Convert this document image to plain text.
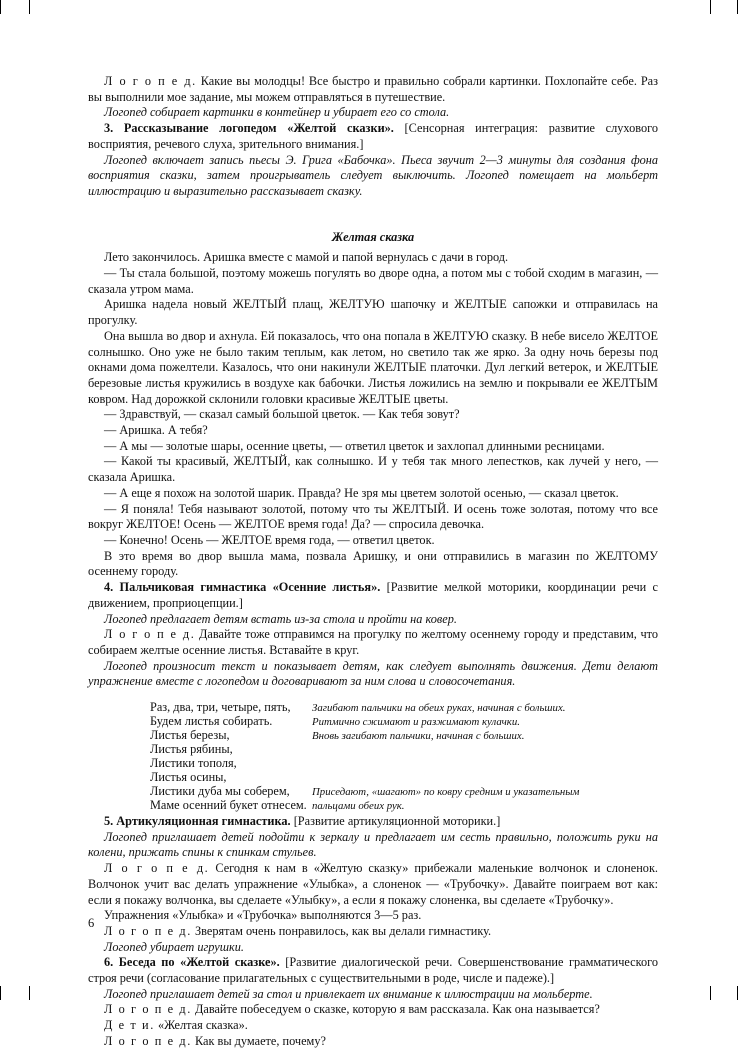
Л о г о п е д. Какие вы молодцы! Все быстро и правильно собрали картинки. Похлопайте себе. Раз вы выполнили мое задание, мы можем отправляться в путешествие.

Логопед собирает картинки в контейнер и убирает его со стола.

3. Рассказывание логопедом «Желтой сказки». [Сенсорная интеграция: развитие слухового восприятия, речевого слуха, зрительного внимания.]

Логопед включает запись пьесы Э. Грига «Бабочка». Пьеса звучит 2—3 минуты для создания фона восприятия сказки, затем проигрыватель следует выключить. Логопед помещает на мольберт иллюстрацию и выразительно рассказывает сказку.

Желтая сказка

Лето закончилось. Аришка вместе с мамой и папой вернулась с дачи в город.

— Ты стала большой, поэтому можешь погулять во дворе одна, а потом мы с тобой сходим в магазин, — сказала утром мама.

Аришка надела новый ЖЕЛТЫЙ плащ, ЖЕЛТУЮ шапочку и ЖЕЛТЫЕ сапожки и отправилась на прогулку.

Она вышла во двор и ахнула. Ей показалось, что она попала в ЖЕЛТУЮ сказку. В небе висело ЖЕЛТОЕ солнышко. Оно уже не было таким теплым, как летом, но светило так же ярко. За одну ночь березы под окнами дома пожелтели. Казалось, что они накинули ЖЕЛТЫЕ платочки. Дул легкий ветерок, и ЖЕЛТЫЕ березовые листья кружились в воздухе как бабочки. Листья ложились на землю и покрывали ее ЖЕЛТЫМ ковром. Над дорожкой склонили головки красивые ЖЕЛТЫЕ цветы.

— Здравствуй, — сказал самый большой цветок. — Как тебя зовут?

— Аришка. А тебя?

— А мы — золотые шары, осенние цветы, — ответил цветок и захлопал длинными ресницами.

— Какой ты красивый, ЖЕЛТЫЙ, как солнышко. И у тебя так много лепестков, как лучей у него, — сказала Аришка.

— А еще я похож на золотой шарик. Правда? Не зря мы цветем золотой осенью, — сказал цветок.

— Я поняла! Тебя называют золотой, потому что ты ЖЕЛТЫЙ. И осень тоже золотая, потому что все вокруг ЖЕЛТОЕ! Осень — ЖЕЛТОЕ время года! Да? — спросила девочка.

— Конечно! Осень — ЖЕЛТОЕ время года, — ответил цветок.

В это время во двор вышла мама, позвала Аришку, и они отправились в магазин по ЖЕЛТОМУ осеннему городу.

4. Пальчиковая гимнастика «Осенние листья». [Развитие мелкой моторики, координации речи с движением, проприоцепции.]

Логопед предлагает детям встать из-за стола и пройти на ковер.

Л о г о п е д. Давайте тоже отправимся на прогулку по желтому осеннему городу и представим, что собираем желтые осенние листья. Вставайте в круг.

Логопед произносит текст и показывает детям, как следует выполнять движения. Дети делают упражнение вместе с логопедом и договаривают за ним слова и словосочетания.

Раз, два, три, четыре, пять,
Будем листья собирать.
Листья березы,
Листья рябины,
Листики тополя,
Листья осины,
Листики дуба мы соберем,
Маме осенний букет отнесем.
Загибают пальчики на обеих руках, начиная с больших.
Ритмично сжимают и разжимают кулачки.
Вновь загибают пальчики, начиная с больших.
Приседают, «шагают» по ковру средним и указательным
пальцами обеих рук.

5. Артикуляционная гимнастика. [Развитие артикуляционной моторики.]

Логопед приглашает детей подойти к зеркалу и предлагает им сесть правильно, положить руки на колени, прижать спины к спинкам стульев.

Л о г о п е д. Сегодня к нам в «Желтую сказку» прибежали маленькие волчонок и слоненок. Волчонок учит вас делать упражнение «Улыбка», а слоненок — «Трубочку». Давайте поиграем вот как: если я покажу волчонка, вы сделаете «Улыбку», а если я покажу слоненка, вы сделаете «Трубочку».

Упражнения «Улыбка» и «Трубочка» выполняются 3—5 раз.

Л о г о п е д. Зверятам очень понравилось, как вы делали гимнастику.

Логопед убирает игрушки.

6. Беседа по «Желтой сказке». [Развитие диалогической речи. Совершенствование грамматического строя речи (согласование прилагательных с существительными в роде, числе и падеже).]

Логопед приглашает детей за стол и привлекает их внимание к иллюстрации на мольберте.

Л о г о п е д. Давайте побеседуем о сказке, которую я вам рассказала. Как она называется?

Д е т и. «Желтая сказка».

Л о г о п е д. Как вы думаете, почему?

6
